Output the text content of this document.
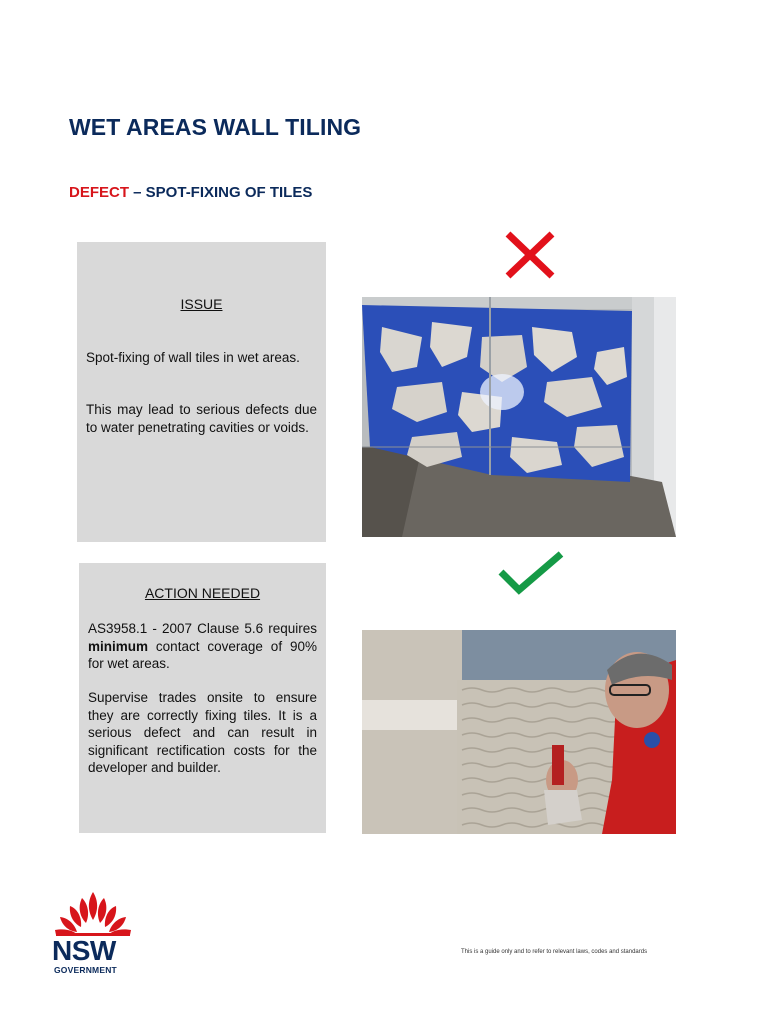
WET AREAS WALL TILING
DEFECT – SPOT-FIXING OF TILES
ISSUE
Spot-fixing of wall tiles in wet areas.
This may lead to serious defects due to water penetrating cavities or voids.
ACTION NEEDED
AS3958.1 - 2007 Clause 5.6 requires minimum contact coverage of 90% for wet areas.
Supervise trades onsite to ensure they are correctly fixing tiles. It is a serious defect and can result in significant rectification costs for the developer and builder.
NSW
GOVERNMENT
This is a guide only and to refer to relevant laws, codes and standards
